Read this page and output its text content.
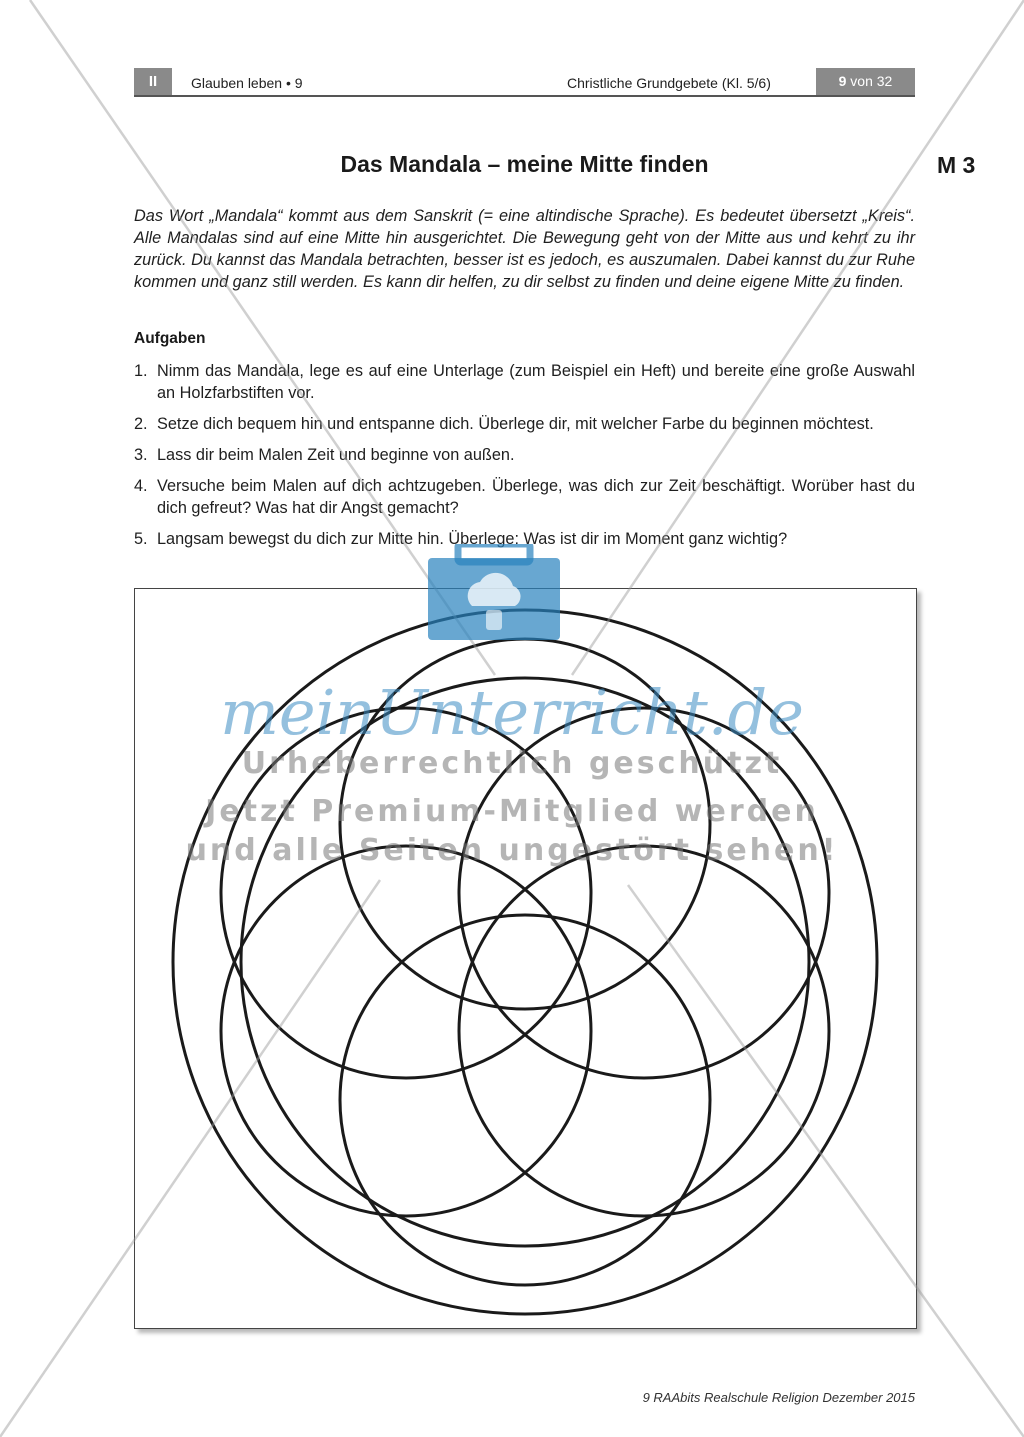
II	Glauben leben • 9	Christliche Grundgebete (Kl. 5/6)	9 von 32
Das Mandala – meine Mitte finden	M 3

Das Wort „Mandala“ kommt aus dem Sanskrit (= eine altindische Sprache). Es bedeutet übersetzt „Kreis“. Alle Mandalas sind auf eine Mitte hin ausgerichtet. Die Bewegung geht von der Mitte aus und kehrt zu ihr zurück. Du kannst das Mandala betrachten, besser ist es jedoch, es auszumalen. Dabei kannst du zur Ruhe kommen und ganz still werden. Es kann dir helfen, zu dir selbst zu finden und deine eigene Mitte zu finden.

Aufgaben
1. Nimm das Mandala, lege es auf eine Unterlage (zum Beispiel ein Heft) und bereite eine große Auswahl an Holzfarbstiften vor.
2. Setze dich bequem hin und entspanne dich. Überlege dir, mit welcher Farbe du beginnen möchtest.
3. Lass dir beim Malen Zeit und beginne von außen.
4. Versuche beim Malen auf dich achtzugeben. Überlege, was dich zur Zeit beschäftigt. Worüber hast du dich gefreut? Was hat dir Angst gemacht?
5. Langsam bewegst du dich zur Mitte hin. Überlege: Was ist dir im Moment ganz wichtig?
9 RAAbits Realschule Religion Dezember 2015
meinUnterricht.de
Urheberrechtlich geschützt
Jetzt Premium-Mitglied werden
und alle Seiten ungestört sehen!
